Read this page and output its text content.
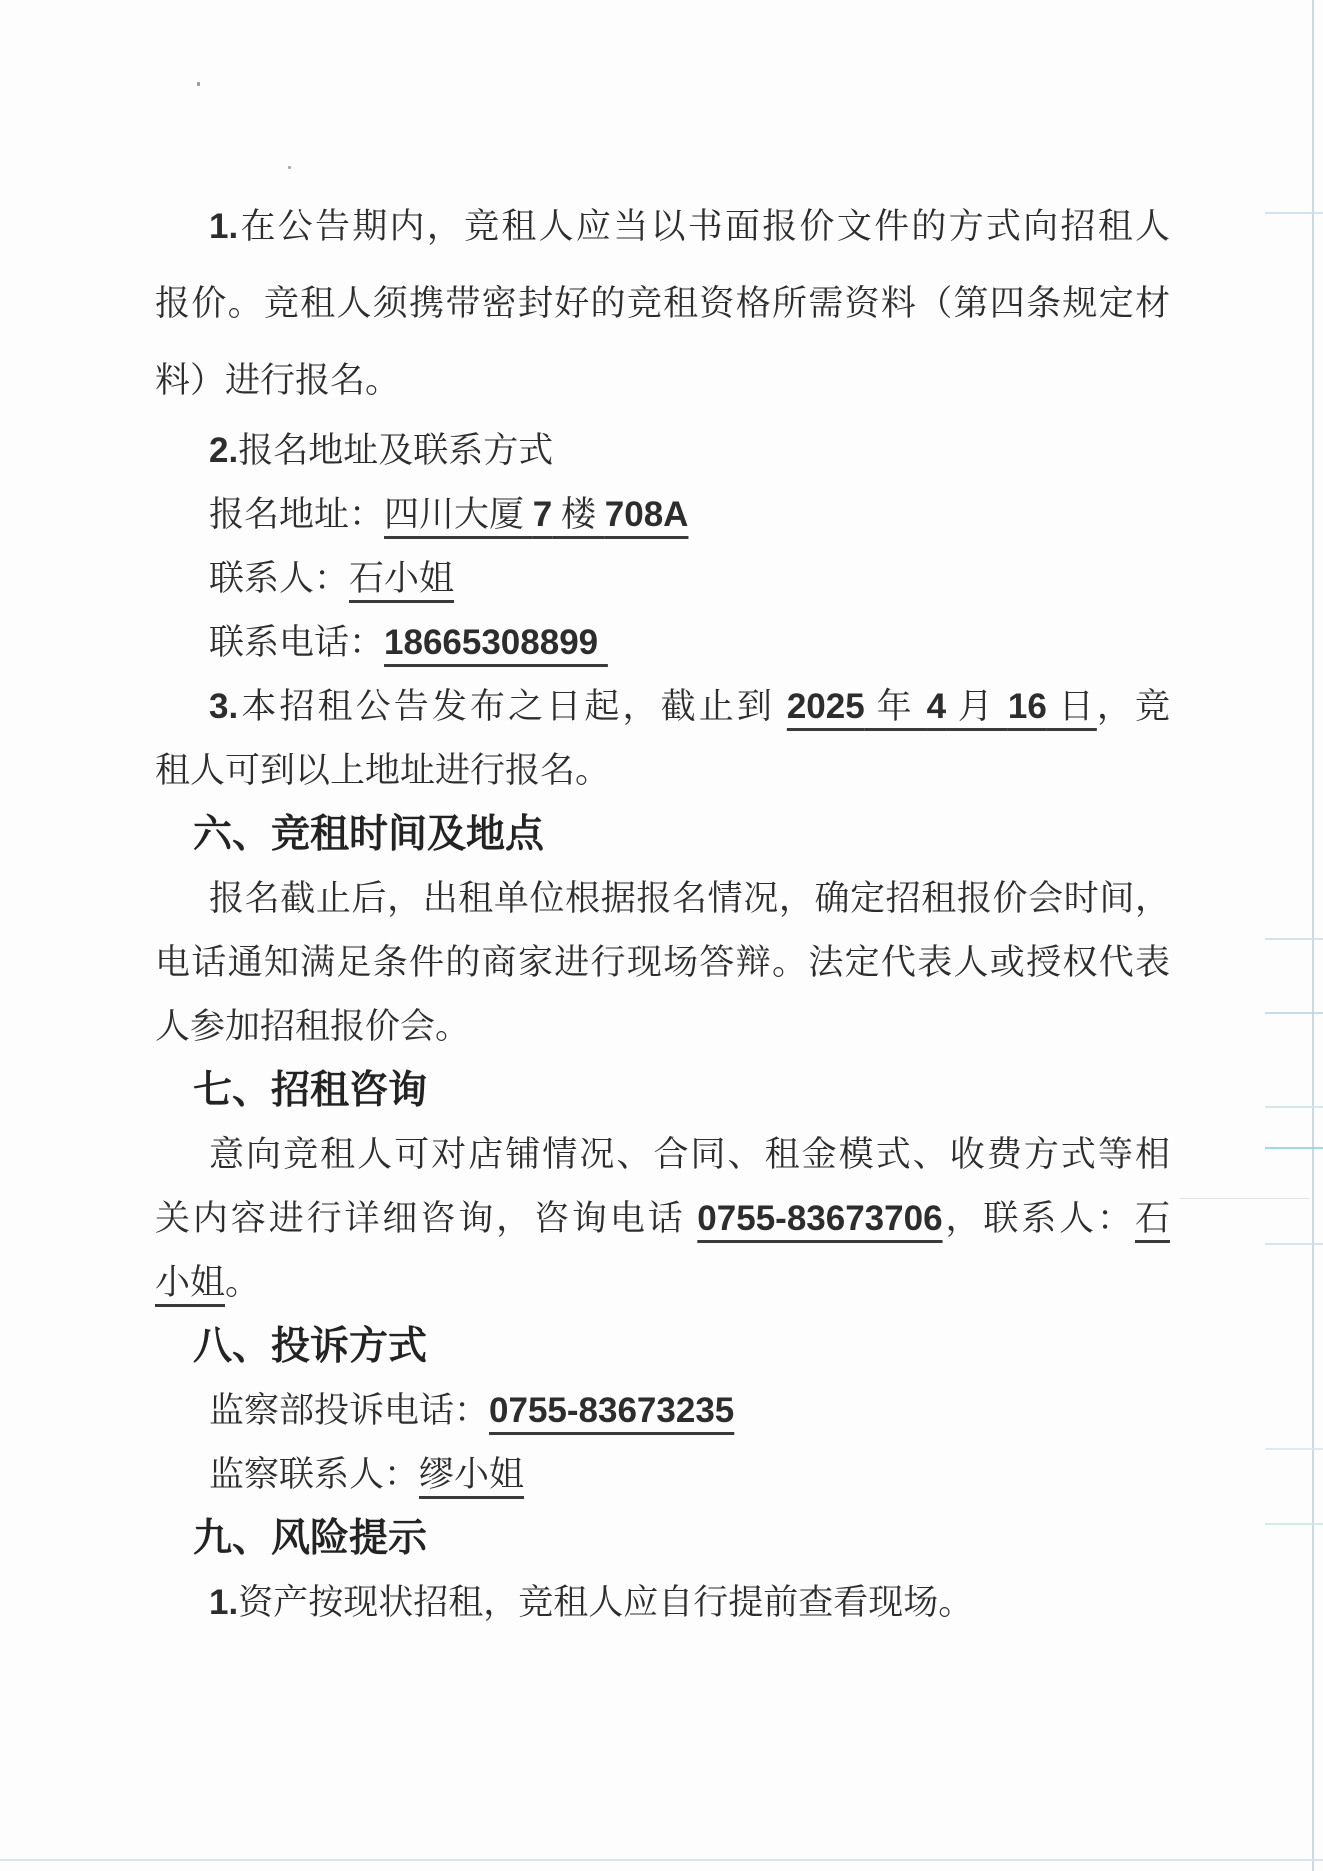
1.在公告期内，竞租人应当以书面报价文件的方式向招租人
报价。竞租人须携带密封好的竞租资格所需资料（第四条规定材
料）进行报名。
2.报名地址及联系方式
报名地址：四川大厦 7 楼 708A
联系人：石小姐
联系电话：18665308899
3.本招租公告发布之日起，截止到 2025 年 4 月 16 日，竞
租人可到以上地址进行报名。
六、竞租时间及地点
报名截止后，出租单位根据报名情况，确定招租报价会时间，
电话通知满足条件的商家进行现场答辩。法定代表人或授权代表
人参加招租报价会。
七、招租咨询
意向竞租人可对店铺情况、合同、租金模式、收费方式等相
关内容进行详细咨询，咨询电话 0755-83673706，联系人：石
小姐。
八、投诉方式
监察部投诉电话：0755-83673235
监察联系人：缪小姐
九、风险提示
1.资产按现状招租，竞租人应自行提前查看现场。
